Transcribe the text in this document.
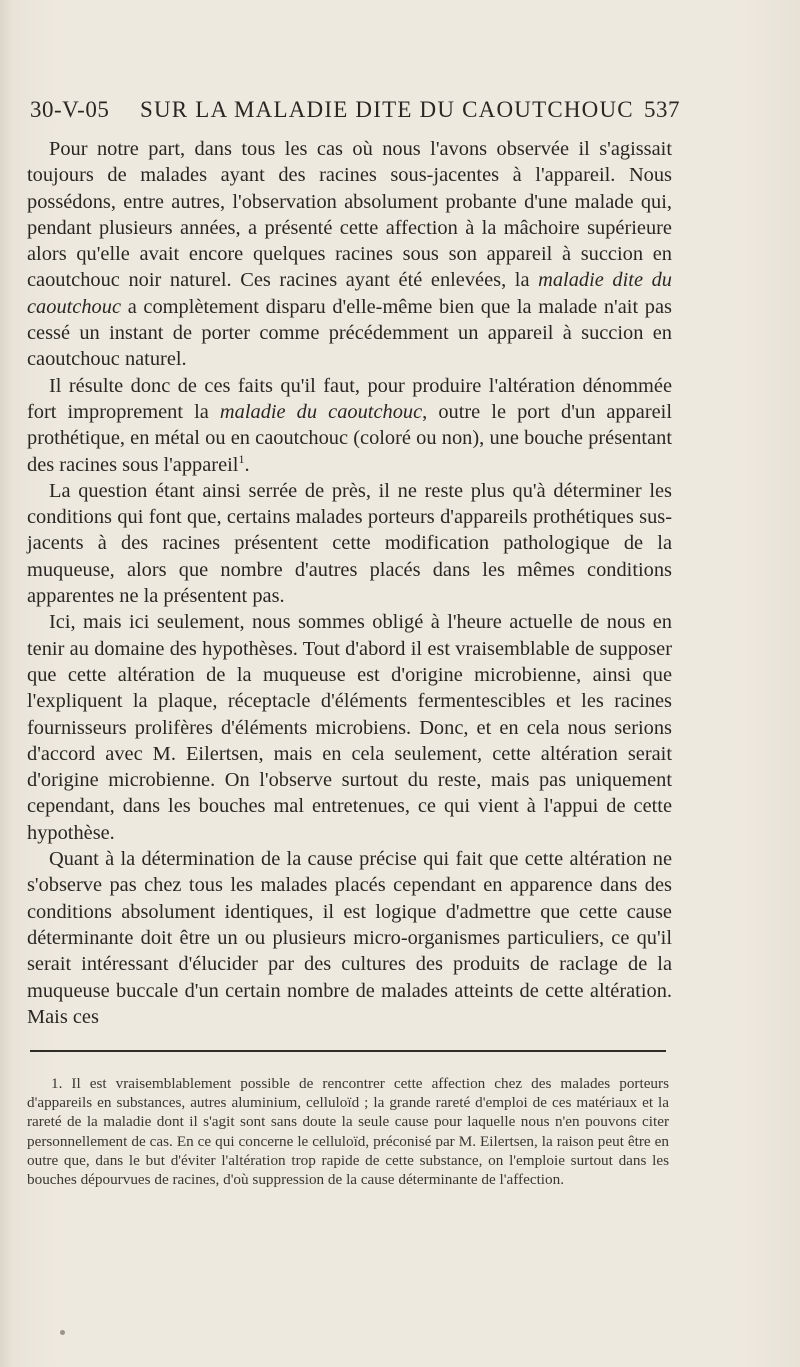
30-V-05 SUR LA MALADIE DITE DU CAOUTCHOUC 537

Pour notre part, dans tous les cas où nous l'avons observée il s'agissait toujours de malades ayant des racines sous-jacentes à l'appareil. Nous possédons, entre autres, l'observation absolument probante d'une malade qui, pendant plusieurs années, a présenté cette affection à la mâchoire supérieure alors qu'elle avait encore quelques racines sous son appareil à succion en caoutchouc noir naturel. Ces racines ayant été enlevées, la maladie dite du caoutchouc a complètement disparu d'elle-même bien que la malade n'ait pas cessé un instant de porter comme précédemment un appareil à succion en caoutchouc naturel.

Il résulte donc de ces faits qu'il faut, pour produire l'altération dénommée fort improprement la maladie du caoutchouc, outre le port d'un appareil prothétique, en métal ou en caoutchouc (coloré ou non), une bouche présentant des racines sous l'appareil$^1$.

La question étant ainsi serrée de près, il ne reste plus qu'à déterminer les conditions qui font que, certains malades porteurs d'appareils prothétiques sus-jacents à des racines présentent cette modification pathologique de la muqueuse, alors que nombre d'autres placés dans les mêmes conditions apparentes ne la présentent pas.

Ici, mais ici seulement, nous sommes obligé à l'heure actuelle de nous en tenir au domaine des hypothèses. Tout d'abord il est vraisemblable de supposer que cette altération de la muqueuse est d'origine microbienne, ainsi que l'expliquent la plaque, réceptacle d'éléments fermentescibles et les racines fournisseurs prolifères d'éléments microbiens. Donc, et en cela nous serions d'accord avec M. Eilertsen, mais en cela seulement, cette altération serait d'origine microbienne. On l'observe surtout du reste, mais pas uniquement cependant, dans les bouches mal entretenues, ce qui vient à l'appui de cette hypothèse.

Quant à la détermination de la cause précise qui fait que cette altération ne s'observe pas chez tous les malades placés cependant en apparence dans des conditions absolument identiques, il est logique d'admettre que cette cause déterminante doit être un ou plusieurs micro-organismes particuliers, ce qu'il serait intéressant d'élucider par des cultures des produits de raclage de la muqueuse buccale d'un certain nombre de malades atteints de cette altération. Mais ces

1. Il est vraisemblablement possible de rencontrer cette affection chez des malades porteurs d'appareils en substances, autres aluminium, celluloïd ; la grande rareté d'emploi de ces matériaux et la rareté de la maladie dont il s'agit sont sans doute la seule cause pour laquelle nous n'en pouvons citer personnellement de cas. En ce qui concerne le celluloïd, préconisé par M. Eilertsen, la raison peut être en outre que, dans le but d'éviter l'altération trop rapide de cette substance, on l'emploie surtout dans les bouches dépourvues de racines, d'où suppression de la cause déterminante de l'affection.
